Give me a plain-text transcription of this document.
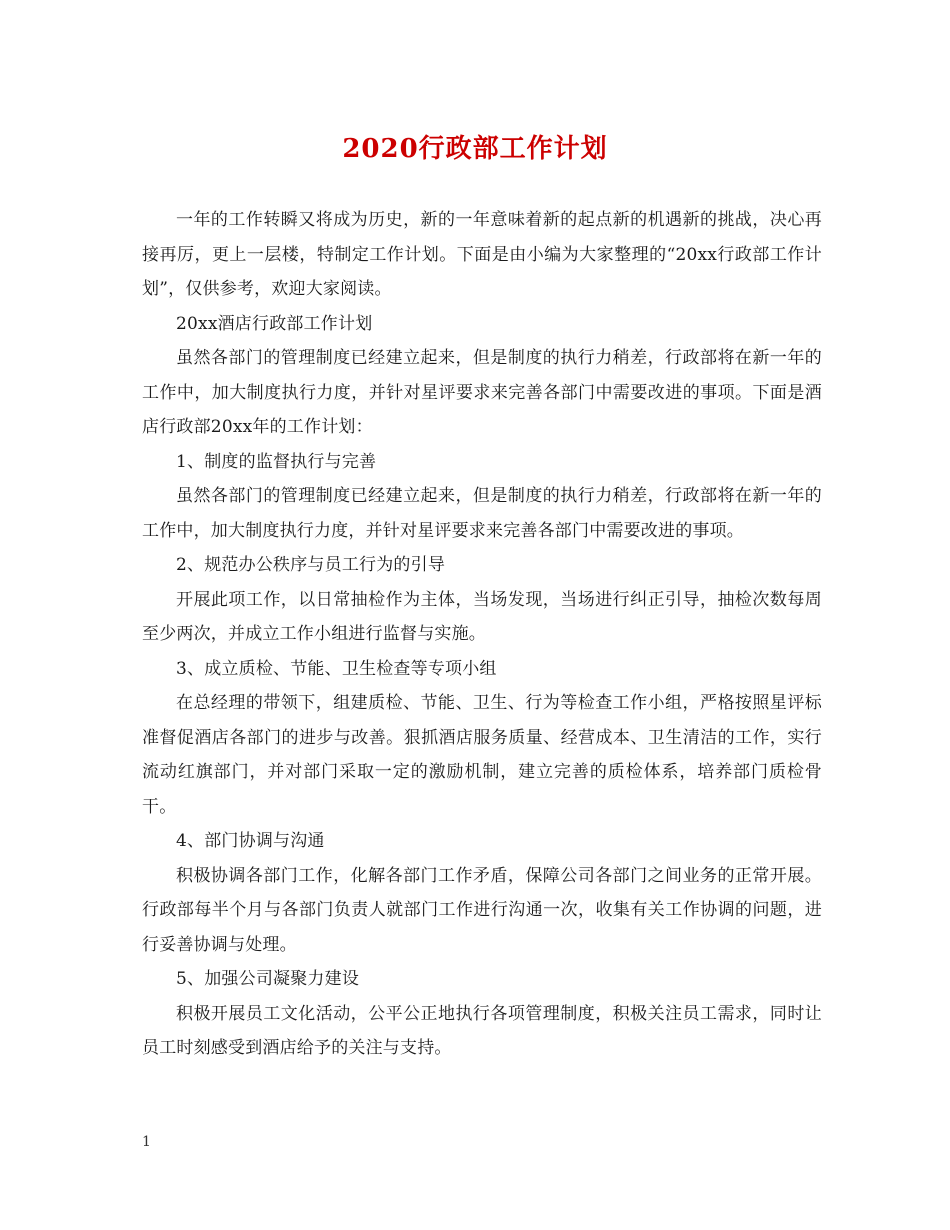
2020行政部工作计划

一年的工作转瞬又将成为历史，新的一年意味着新的起点新的机遇新的挑战，决心再接再厉，更上一层楼，特制定工作计划。下面是由小编为大家整理的“20xx行政部工作计划”，仅供参考，欢迎大家阅读。

20xx酒店行政部工作计划

虽然各部门的管理制度已经建立起来，但是制度的执行力稍差，行政部将在新一年的工作中，加大制度执行力度，并针对星评要求来完善各部门中需要改进的事项。下面是酒店行政部20xx年的工作计划：

1、制度的监督执行与完善

虽然各部门的管理制度已经建立起来，但是制度的执行力稍差，行政部将在新一年的工作中，加大制度执行力度，并针对星评要求来完善各部门中需要改进的事项。

2、规范办公秩序与员工行为的引导

开展此项工作，以日常抽检作为主体，当场发现，当场进行纠正引导，抽检次数每周至少两次，并成立工作小组进行监督与实施。

3、成立质检、节能、卫生检查等专项小组

在总经理的带领下，组建质检、节能、卫生、行为等检查工作小组，严格按照星评标准督促酒店各部门的进步与改善。狠抓酒店服务质量、经营成本、卫生清洁的工作，实行流动红旗部门，并对部门采取一定的激励机制，建立完善的质检体系，培养部门质检骨干。

4、部门协调与沟通

积极协调各部门工作，化解各部门工作矛盾，保障公司各部门之间业务的正常开展。行政部每半个月与各部门负责人就部门工作进行沟通一次，收集有关工作协调的问题，进行妥善协调与处理。

5、加强公司凝聚力建设

积极开展员工文化活动，公平公正地执行各项管理制度，积极关注员工需求，同时让员工时刻感受到酒店给予的关注与支持。

1
